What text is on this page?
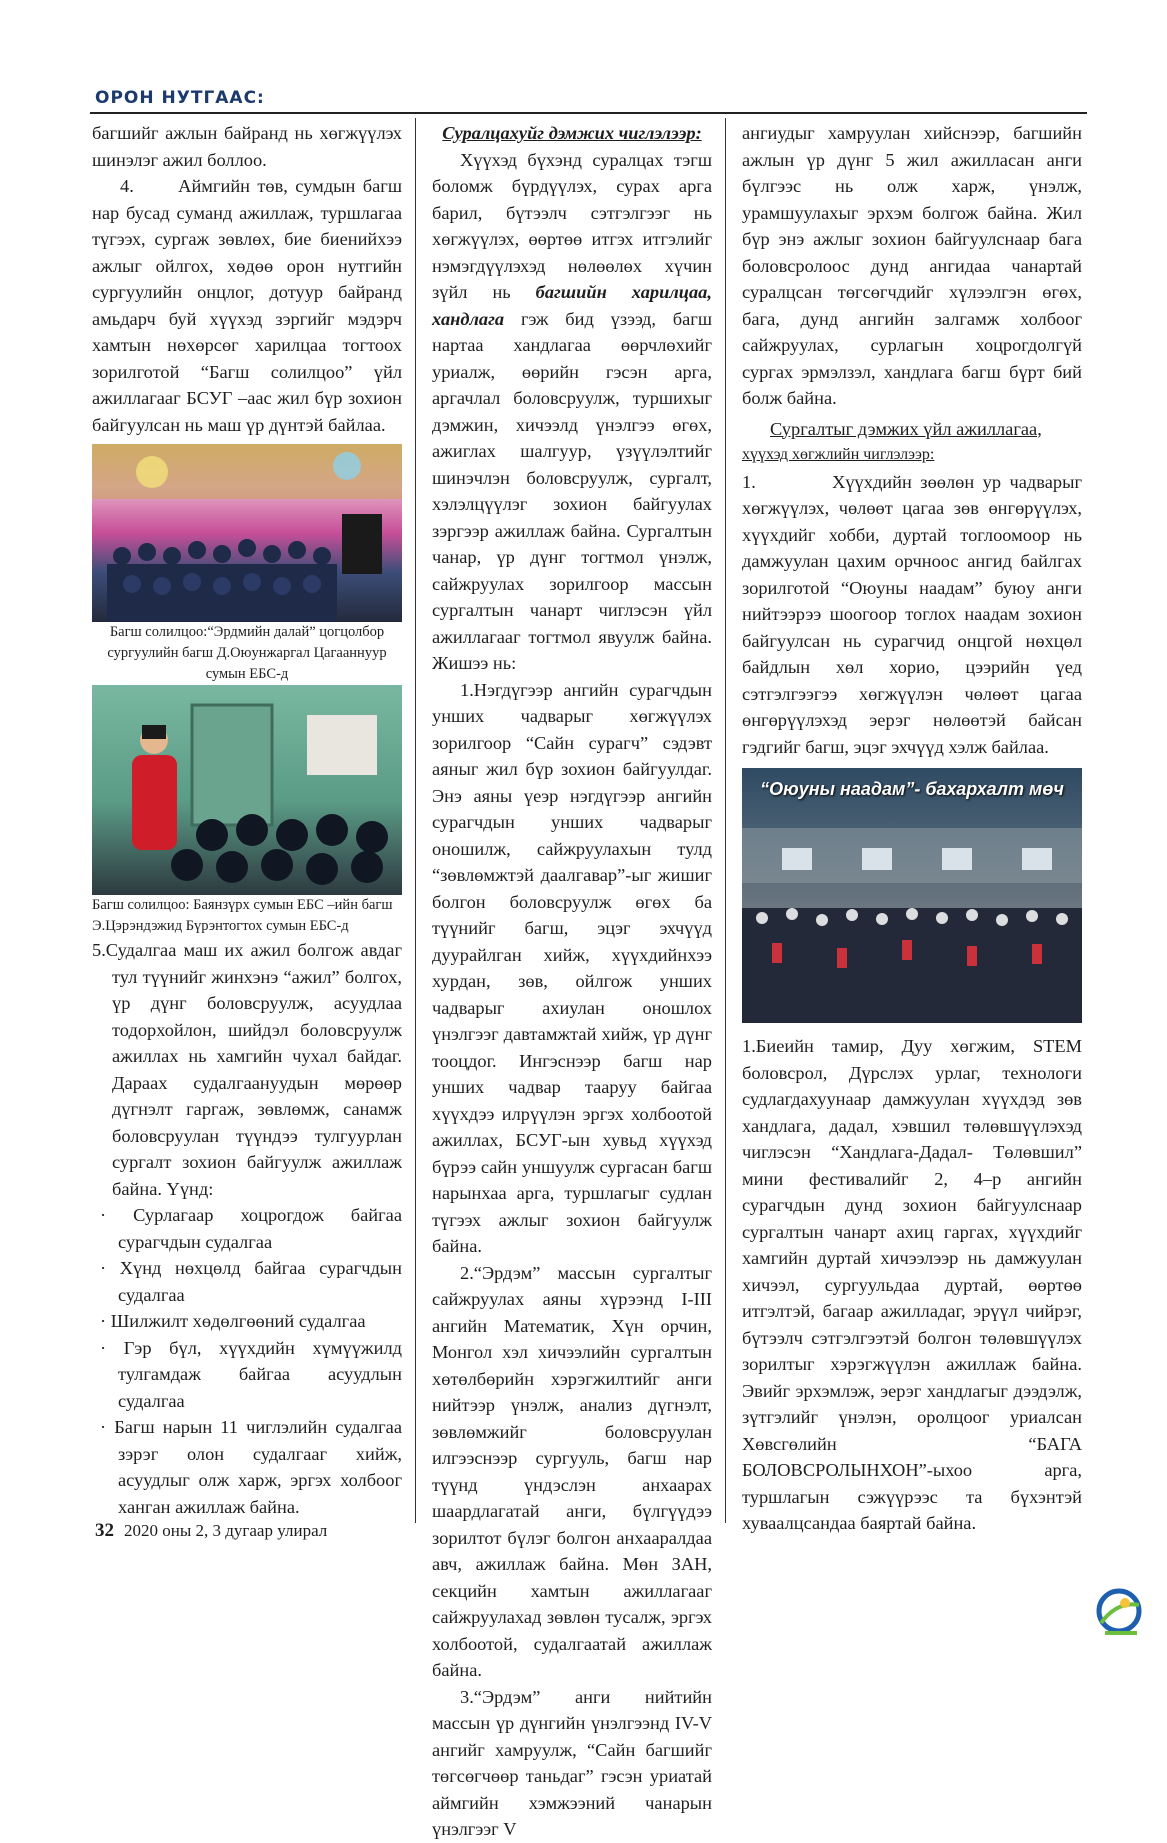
ОРОН НУТГААС:

багшийг ажлын байранд нь хөгжүүлэх шинэлэг ажил боллоо.

4.      Аймгийн төв, сумдын багш нар бусад суманд ажиллаж, туршлагаа түгээх, сургаж зөвлөх, бие биенийхээ ажлыг ойлгох, хөдөө орон нутгийн сургуулийн онцлог, дотуур байранд амьдарч буй хүүхэд зэргийг мэдэрч хамтын нөхөрсөг харилцаа тогтоох зорилготой “Багш солилцоо” үйл ажиллагааг БСУГ –аас жил бүр зохион байгуулсан нь маш үр дүнтэй байлаа.

Багш солилцоо:“Эрдмийн далай” цогцолбор сургуулийн багш Д.Оюунжаргал Цагааннуур сумын ЕБС-д

Багш солилцоо: Баянзүрх сумын ЕБС –ийн багш Э.Цэрэндэжид Бүрэнтогтох сумын ЕБС-д

5.Судалгаа маш их ажил болгож авдаг тул түүнийг жинхэнэ “ажил” болгох, үр дүнг боловсруулж, асуудлаа тодорхойлон, шийдэл боловсруулж ажиллах нь хамгийн чухал байдаг. Дараах судалгаануудын мөрөөр дүгнэлт гаргаж, зөвлөмж, санамж боловсруулан түүндээ тулгуурлан сургалт зохион байгуулж ажиллаж байна. Үүнд:

· Сурлагаар хоцрогдож байгаа сурагчдын судалгаа

· Хүнд нөхцөлд байгаа сурагчдын судалгаа

· Шилжилт хөдөлгөөний судалгаа

· Гэр бүл, хүүхдийн хүмүүжилд тулгамдаж байгаа асуудлын судалгаа

· Багш нарын 11 чиглэлийн судалгаа зэрэг олон судалгааг хийж, асуудлыг олж харж, эргэх холбоог ханган ажиллаж байна.

Суралцахуйг дэмжих чиглэлээр:

Хүүхэд бүхэнд суралцах тэгш боломж бүрдүүлэх, сурах арга барил, бүтээлч сэтгэлгээг нь хөгжүүлэх, өөртөө итгэх итгэлийг нэмэгдүүлэхэд нөлөөлөх хүчин зүйл нь багшийн харилцаа, хандлага гэж бид үзээд, багш нартаа хандлагаа өөрчлөхийг уриалж, өөрийн гэсэн арга, аргачлал боловсруулж, туршихыг дэмжин, хичээлд үнэлгээ өгөх, ажиглах шалгуур, үзүүлэлтийг шинэчлэн боловсруулж, сургалт, хэлэлцүүлэг зохион байгуулах зэргээр ажиллаж байна. Сургалтын чанар, үр дүнг тогтмол үнэлж, сайжруулах зорилгоор массын сургалтын чанарт чиглэсэн үйл ажиллагааг тогтмол явуулж байна. Жишээ нь:

1.Нэгдүгээр ангийн сурагчдын унших чадварыг хөгжүүлэх зорилгоор “Сайн сурагч” сэдэвт аяныг жил бүр зохион байгуулдаг. Энэ аяны үеэр нэгдүгээр ангийн сурагчдын унших чадварыг оношилж, сайжруулахын тулд “зөвлөмжтэй даалгавар”-ыг жишиг болгон боловсруулж өгөх ба түүнийг багш, эцэг эхчүүд дуурайлган хийж, хүүхдийнхээ хурдан, зөв, ойлгож унших чадварыг ахиулан оношлох үнэлгээг давтамжтай хийж, үр дүнг тооцдог. Ингэснээр багш нар унших чадвар тааруу байгаа хүүхдээ илрүүлэн эргэх холбоотой ажиллах, БСУГ-ын хувьд хүүхэд бүрээ сайн уншуулж сургасан багш нарынхаа арга, туршлагыг судлан түгээх ажлыг зохион байгуулж байна.

2.“Эрдэм” массын сургалтыг сайжруулах аяны хүрээнд I-III ангийн Математик, Хүн орчин, Монгол хэл хичээлийн сургалтын хөтөлбөрийн хэрэгжилтийг анги нийтээр үнэлж, анализ дүгнэлт, зөвлөмжийг боловсруулан илгээснээр сургууль, багш нар түүнд үндэслэн анхаарах шаардлагатай анги, бүлгүүдээ зорилтот бүлэг болгон анхааралдаа авч, ажиллаж байна. Мөн ЗАН, секцийн хамтын ажиллагааг сайжруулахад зөвлөн тусалж, эргэх холбоотой, судалгаатай ажиллаж байна.

3.“Эрдэм” анги нийтийн массын үр дүнгийн үнэлгээнд IV-V ангийг хамруулж, “Сайн багшийг төгсөгчөөр таньдаг” гэсэн уриатай аймгийн хэмжээний чанарын үнэлгээг V

ангиудыг хамруулан хийснээр, багшийн ажлын үр дүнг 5 жил ажилласан анги бүлгээс нь олж харж, үнэлж, урамшуулахыг эрхэм болгож байна. Жил бүр энэ ажлыг зохион байгуулснаар бага боловсролоос дунд ангидаа чанартай суралцсан төгсөгчдийг хүлээлгэн өгөх, бага, дунд ангийн залгамж холбоог сайжруулах, сурлагын хоцрогдолгүй сургах эрмэлзэл, хандлага багш бүрт бий болж байна.

Сургалтыг дэмжих үйл ажиллагаа,

хүүхэд хөгжлийн чиглэлээр:

1.         Хүүхдийн зөөлөн ур чадварыг хөгжүүлэх, чөлөөт цагаа зөв өнгөрүүлэх, хүүхдийг хобби, дуртай тоглоомоор нь дамжуулан цахим орчноос ангид байлгах зорилготой “Оюуны наадам” буюу анги нийтээрээ шоогоор тоглох наадам зохион байгуулсан нь сурагчид онцгой нөхцөл байдлын хөл хорио, цээрийн үед сэтгэлгээгээ хөгжүүлэн чөлөөт цагаа өнгөрүүлэхэд эерэг нөлөөтэй байсан гэдгийг багш, эцэг эхчүүд хэлж байлаа.

“Оюуны наадам”- бахархалт мөч

1.Биеийн тамир, Дуу хөгжим, STEM боловсрол, Дүрслэх урлаг, технологи судлагдахуунаар дамжуулан хүүхдэд зөв хандлага, дадал, хэвшил төлөвшүүлэхэд чиглэсэн “Хандлага-Дадал- Төлөвшил” мини фестивалийг 2, 4–р ангийн сурагчдын дунд зохион байгуулснаар сургалтын чанарт ахиц гаргах, хүүхдийг хамгийн дуртай хичээлээр нь дамжуулан хичээл, сургуульдаа дуртай, өөртөө итгэлтэй, багаар ажилладаг, эрүүл чийрэг, бүтээлч сэтгэлгээтэй болгон төлөвшүүлэх зорилтыг хэрэгжүүлэн ажиллаж байна. Эвийг эрхэмлэж, эерэг хандлагыг дээдэлж, зүтгэлийг үнэлэн, оролцоог уриалсан Хөвсгөлийн “БАГА БОЛОВСРОЛЫНХОН”-ыхоо арга, туршлагын сэжүүрээс та бүхэнтэй хуваалцсандаа баяртай байна.

32 2020 оны 2, 3 дугаар улирал
